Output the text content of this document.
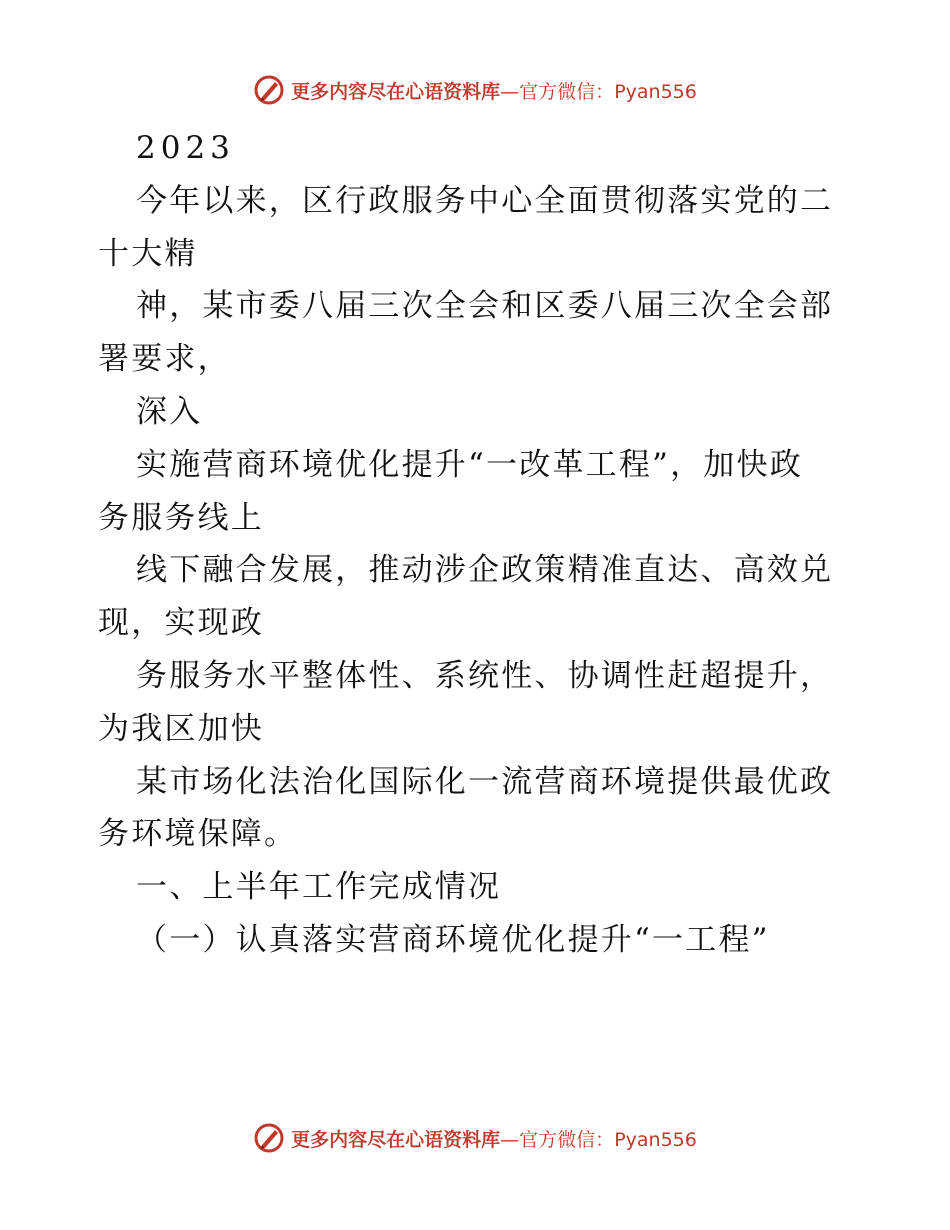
更多内容尽在心语资料库—官方微信：Pyan556
2023
今年以来，区行政服务中心全面贯彻落实党的二
十大精
神，某市委八届三次全会和区委八届三次全会部
署要求，
深入
实施营商环境优化提升“一改革工程”，加快政
务服务线上
线下融合发展，推动涉企政策精准直达、高效兑
现，实现政
务服务水平整体性、系统性、协调性赶超提升，
为我区加快
某市场化法治化国际化一流营商环境提供最优政
务环境保障。
一、上半年工作完成情况
（一）认真落实营商环境优化提升“一工程”
更多内容尽在心语资料库—官方微信：Pyan556
